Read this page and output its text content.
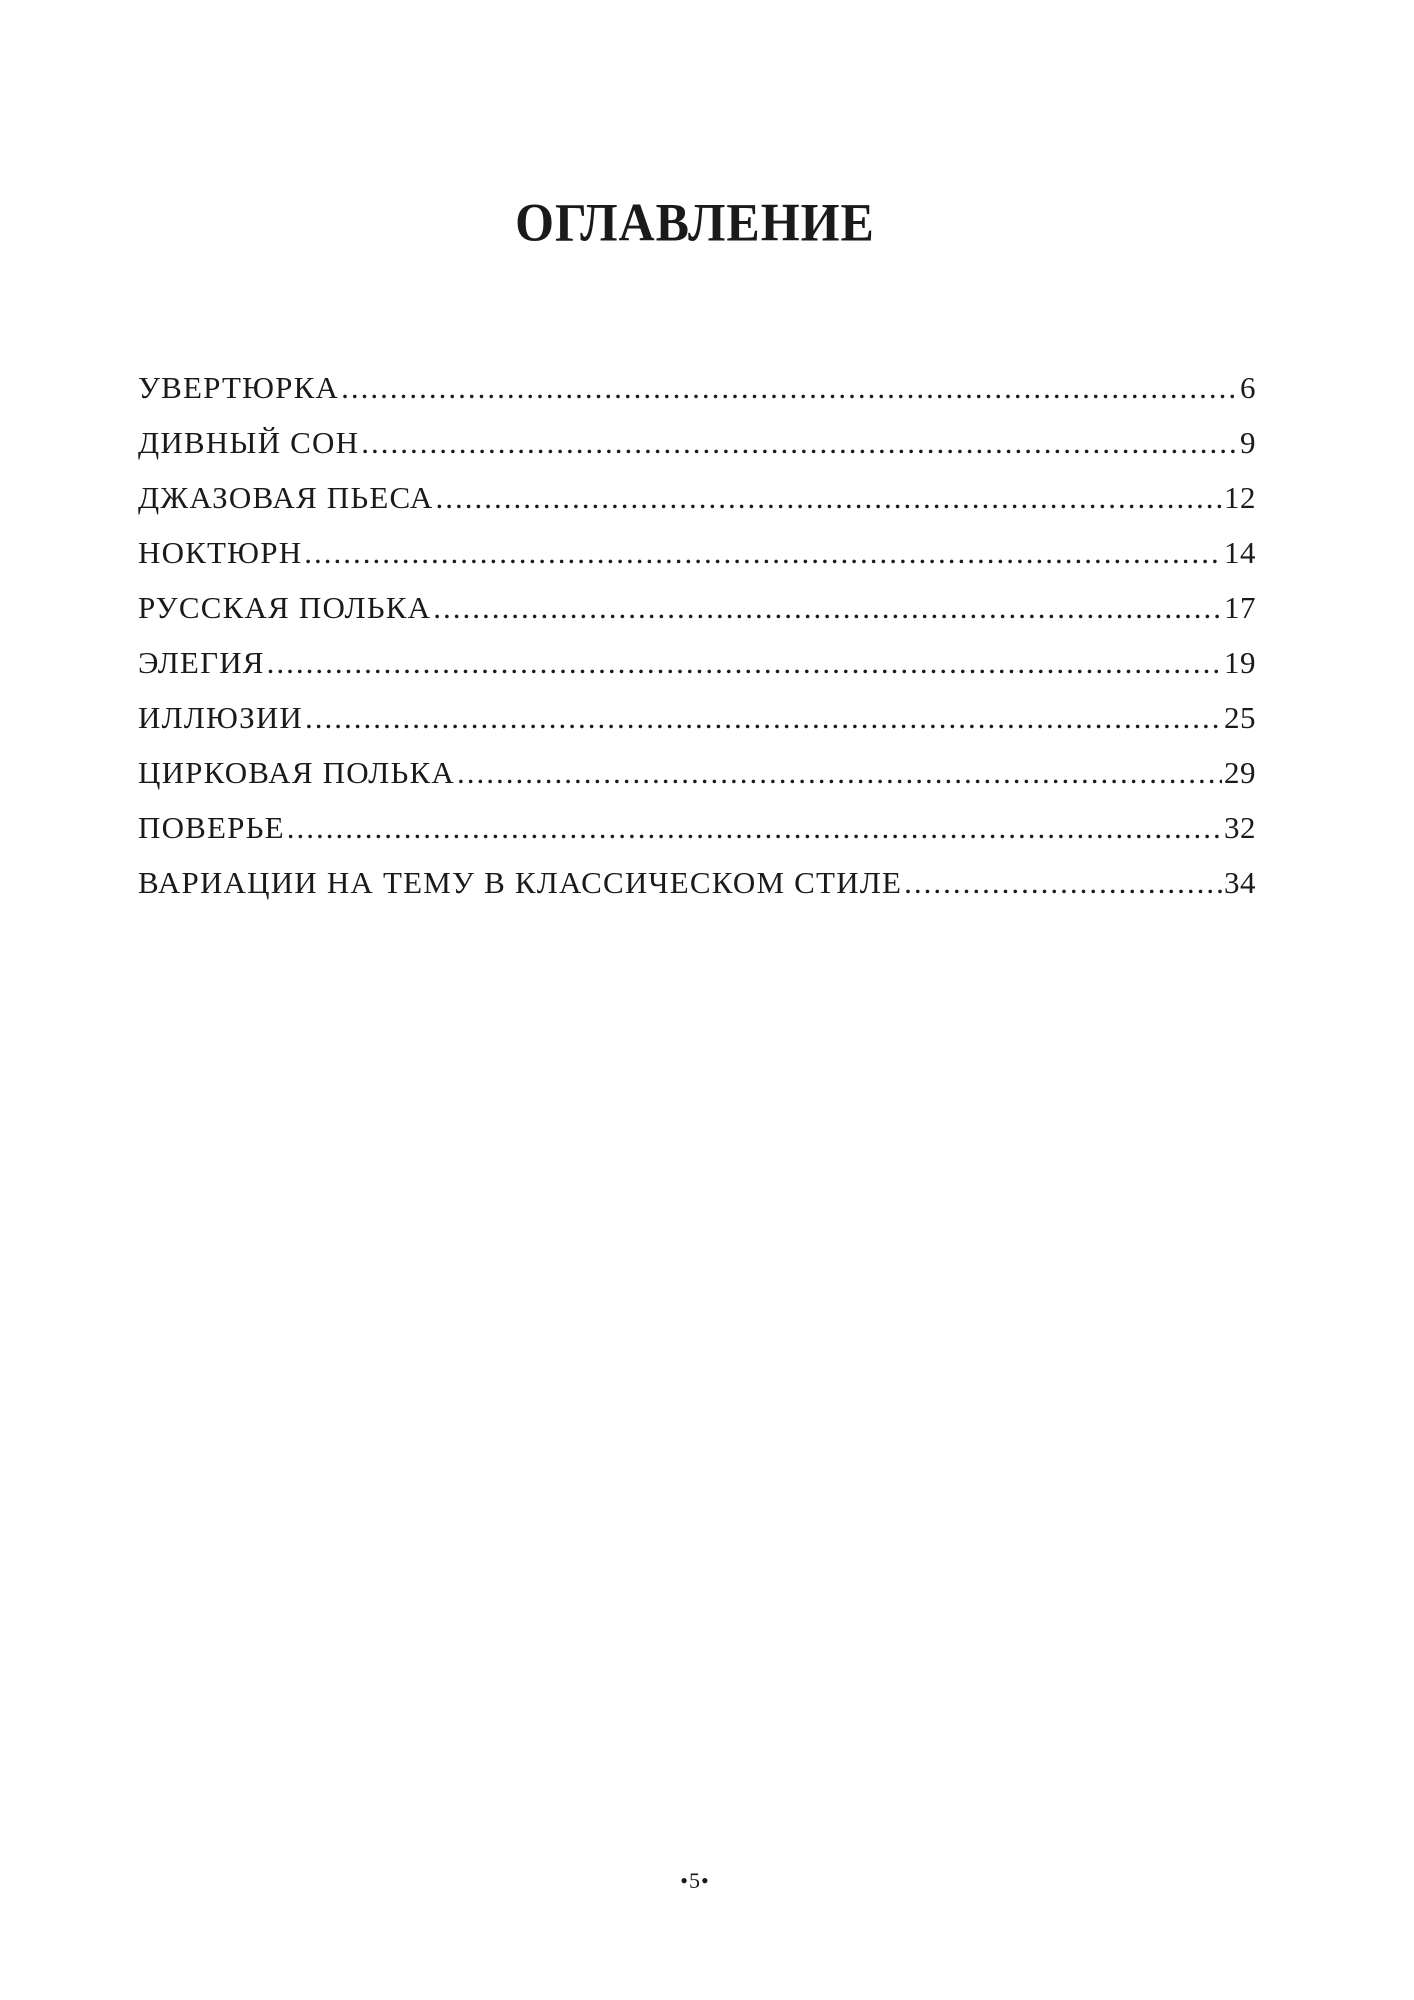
ОГЛАВЛЕНИЕ
УВЕРТЮРКА .....	6
ДИВНЫЙ СОН .....	9
ДЖАЗОВАЯ ПЬЕСА .....	12
НОКТЮРН .....	14
РУССКАЯ ПОЛЬКА .....	17
ЭЛЕГИЯ .....	19
ИЛЛЮЗИИ .....	25
ЦИРКОВАЯ ПОЛЬКА .....	29
ПОВЕРЬЕ .....	32
ВАРИАЦИИ НА ТЕМУ В КЛАССИЧЕСКОМ СТИЛЕ .....	34
•5•
